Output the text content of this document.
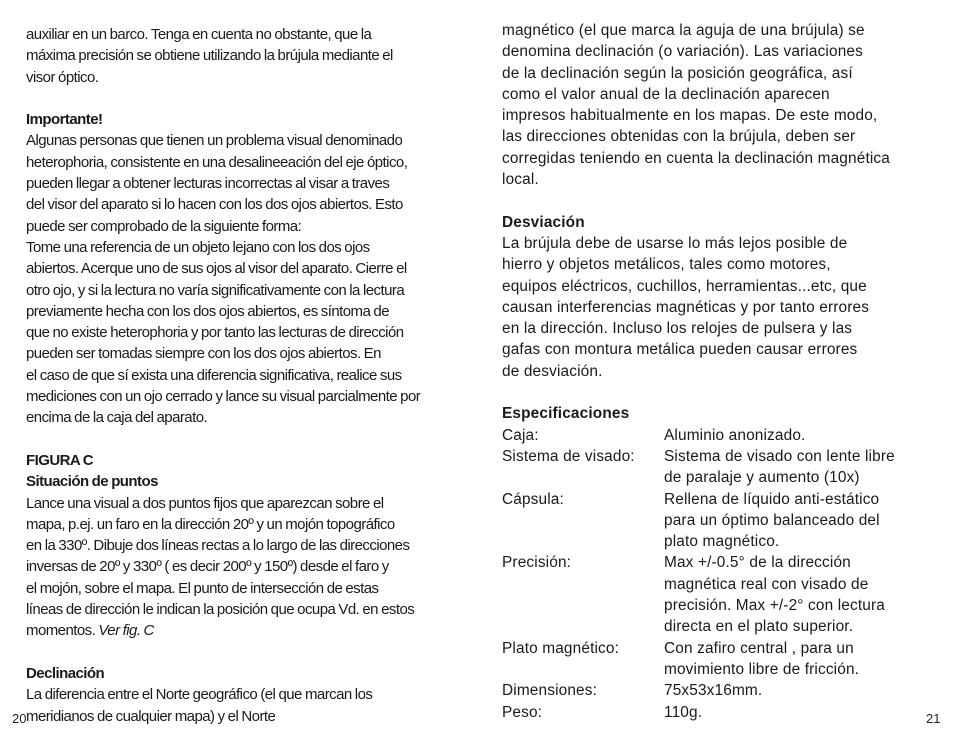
auxiliar en un barco. Tenga en cuenta no obstante, que la
máxima precisión se obtiene utilizando la brújula mediante el
visor óptico.
Importante!
Algunas personas que tienen un problema visual denominado
heterophoria, consistente en una desalineeación del eje óptico,
pueden llegar a obtener lecturas incorrectas al visar a traves
del visor del aparato si lo hacen con los dos ojos abiertos. Esto
puede ser comprobado de la siguiente forma:
Tome una referencia de un objeto lejano con los dos ojos
abiertos. Acerque uno de sus ojos al visor del aparato. Cierre el
otro ojo, y si la lectura no varía significativamente con la lectura
previamente hecha con los dos ojos abiertos, es síntoma de
que no existe heterophoria y por tanto las lecturas de dirección
pueden ser tomadas siempre con los dos ojos abiertos. En
el caso de que sí exista una diferencia significativa, realice sus
mediciones con un ojo cerrado y lance su visual parcialmente por
encima de la caja del aparato.
FIGURA C
Situación de puntos
Lance una visual a dos puntos fijos que aparezcan sobre el
mapa, p.ej. un faro en la dirección 20º y un mojón topográfico
en la 330º. Dibuje dos líneas rectas a lo largo de las direcciones
inversas de 20º y 330º ( es decir 200º y 150º) desde el faro y
el mojón, sobre el mapa. El punto de intersección de estas
líneas de dirección le indican la posición que ocupa Vd. en estos
momentos. Ver fig. C
Declinación
La diferencia entre el Norte geográfico (el que marcan los
meridianos de cualquier mapa) y el Norte
20
magnético (el que marca la aguja de una brújula) se
denomina declinación (o variación). Las variaciones
de la declinación según la posición geográfica, así
como el valor anual de la declinación aparecen
impresos habitualmente en los mapas. De este modo,
las direcciones obtenidas con la brújula, deben ser
corregidas teniendo en cuenta la declinación magnética
local.
Desviación
La brújula debe de usarse lo más lejos posible de
hierro y objetos metálicos, tales como motores,
equipos eléctricos, cuchillos, herramientas...etc, que
causan interferencias magnéticas y por tanto errores
en la dirección. Incluso los relojes de pulsera y las
gafas con montura metálica pueden causar errores
de desviación.
Especificaciones
Caja:	Aluminio anonizado.
Sistema de visado:	Sistema de visado con lente libre
de paralaje y aumento (10x)
Cápsula:	Rellena de líquido anti-estático
para un óptimo balanceado del
plato magnético.
Precisión:	Max +/-0.5° de la dirección
magnética real con visado de
precisión. Max +/-2° con lectura
directa en el plato superior.
Plato magnético:	Con zafiro central , para un
movimiento libre de fricción.
Dimensiones:	75x53x16mm.
Peso:	110g.	21
